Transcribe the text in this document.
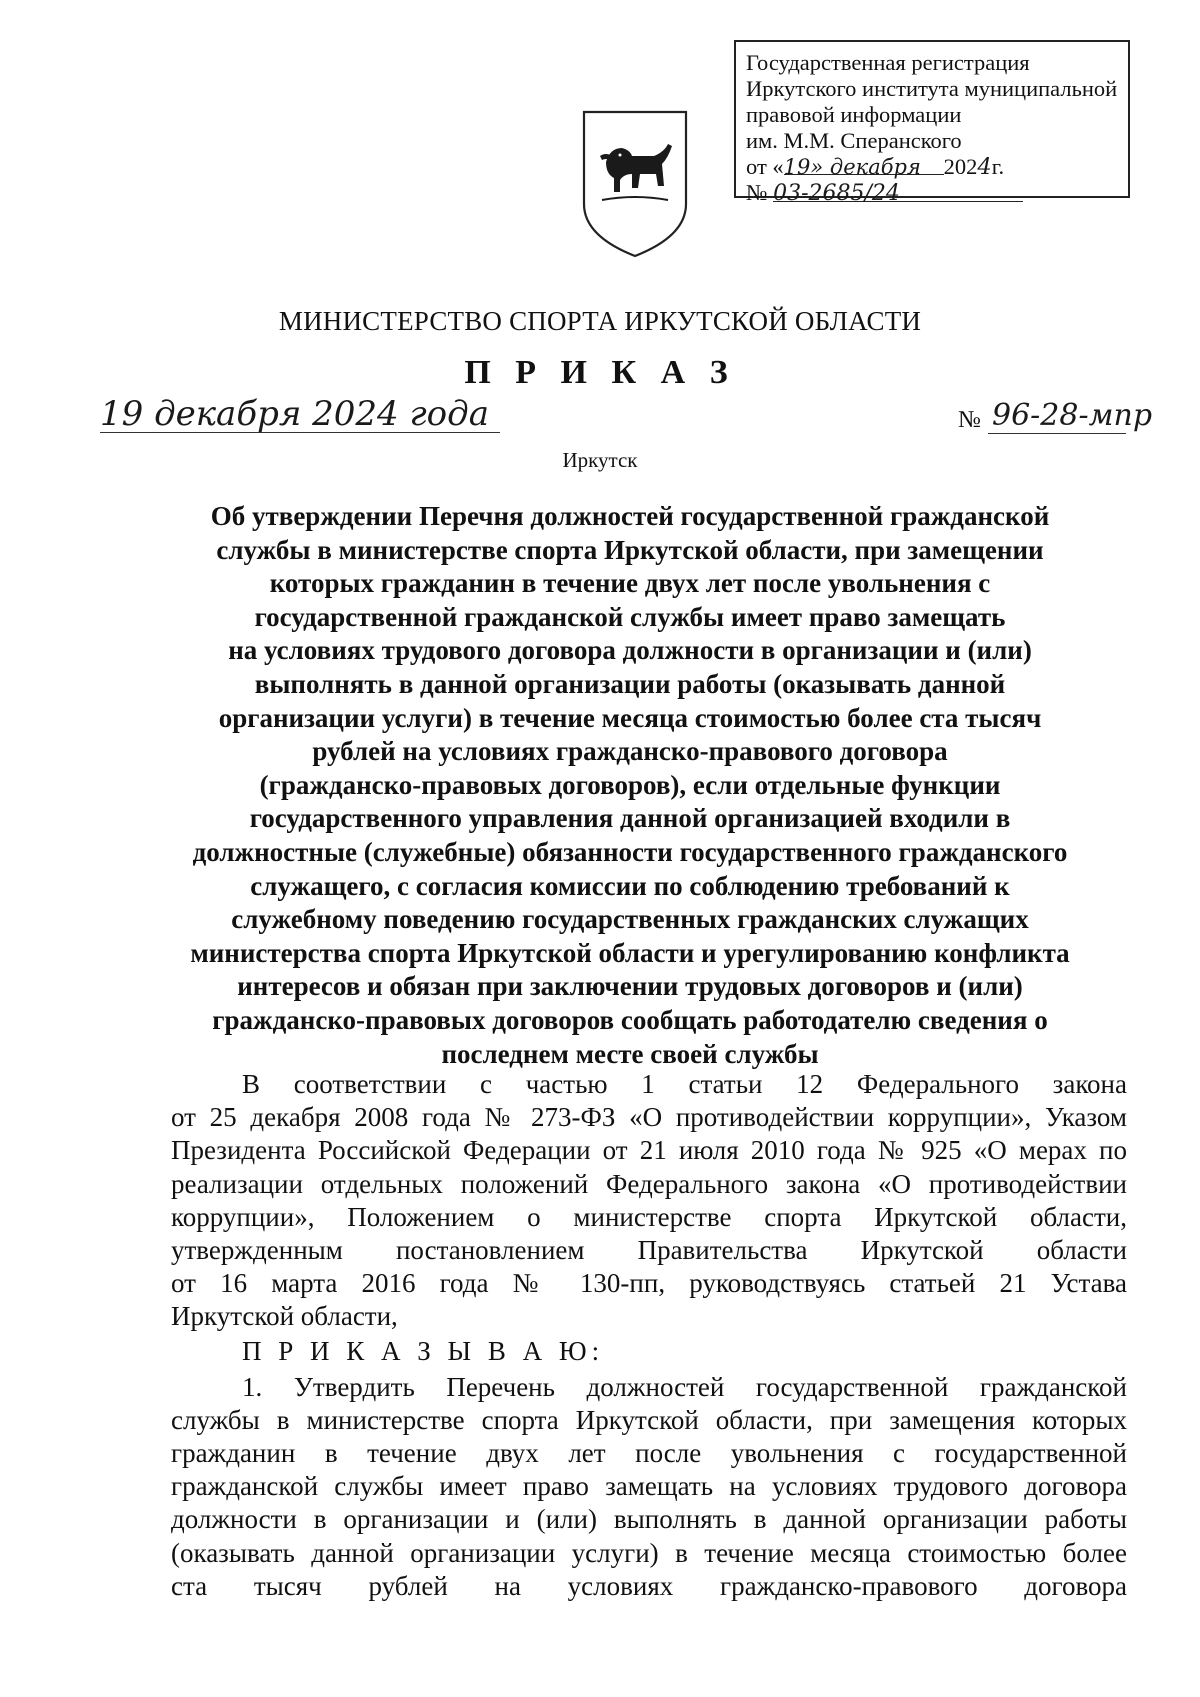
Государственная регистрация
Иркутского института муниципальной
правовой информации
им. М.М. Сперанского
от «19» декабря 2024г.
№ 03-2685/24
МИНИСТЕРСТВО СПОРТА ИРКУТСКОЙ ОБЛАСТИ
П Р И К А З
19 декабря 2024 года	№ 96-28-мпр
Иркутск
Об утверждении Перечня должностей государственной гражданской
службы в министерстве спорта Иркутской области, при замещении
которых гражданин в течение двух лет после увольнения с
государственной гражданской службы имеет право замещать
на условиях трудового договора должности в организации и (или)
выполнять в данной организации работы (оказывать данной
организации услуги) в течение месяца стоимостью более ста тысяч
рублей на условиях гражданско-правового договора
(гражданско-правовых договоров), если отдельные функции
государственного управления данной организацией входили в
должностные (служебные) обязанности государственного гражданского
служащего, с согласия комиссии по соблюдению требований к
служебному поведению государственных гражданских служащих
министерства спорта Иркутской области и урегулированию конфликта
интересов и обязан при заключении трудовых договоров и (или)
гражданско-правовых договоров сообщать работодателю сведения о
последнем месте своей службы

В соответствии с частью 1 статьи 12 Федерального закона

от 25 декабря 2008 года № 273-ФЗ «О противодействии коррупции», Указом

Президента Российской Федерации от 21 июля 2010 года № 925 «О мерах по

реализации отдельных положений Федерального закона «О противодействии

коррупции», Положением о министерстве спорта Иркутской области,

утвержденным постановлением Правительства Иркутской области

от 16 марта 2016 года № 130-пп, руководствуясь статьей 21 Устава

Иркутской области,

П Р И К А З Ы В А Ю:

1. Утвердить Перечень должностей государственной гражданской

службы в министерстве спорта Иркутской области, при замещения которых

гражданин в течение двух лет после увольнения с государственной

гражданской службы имеет право замещать на условиях трудового договора

должности в организации и (или) выполнять в данной организации работы

(оказывать данной организации услуги) в течение месяца стоимостью более

ста тысяч рублей на условиях гражданско-правового договора
